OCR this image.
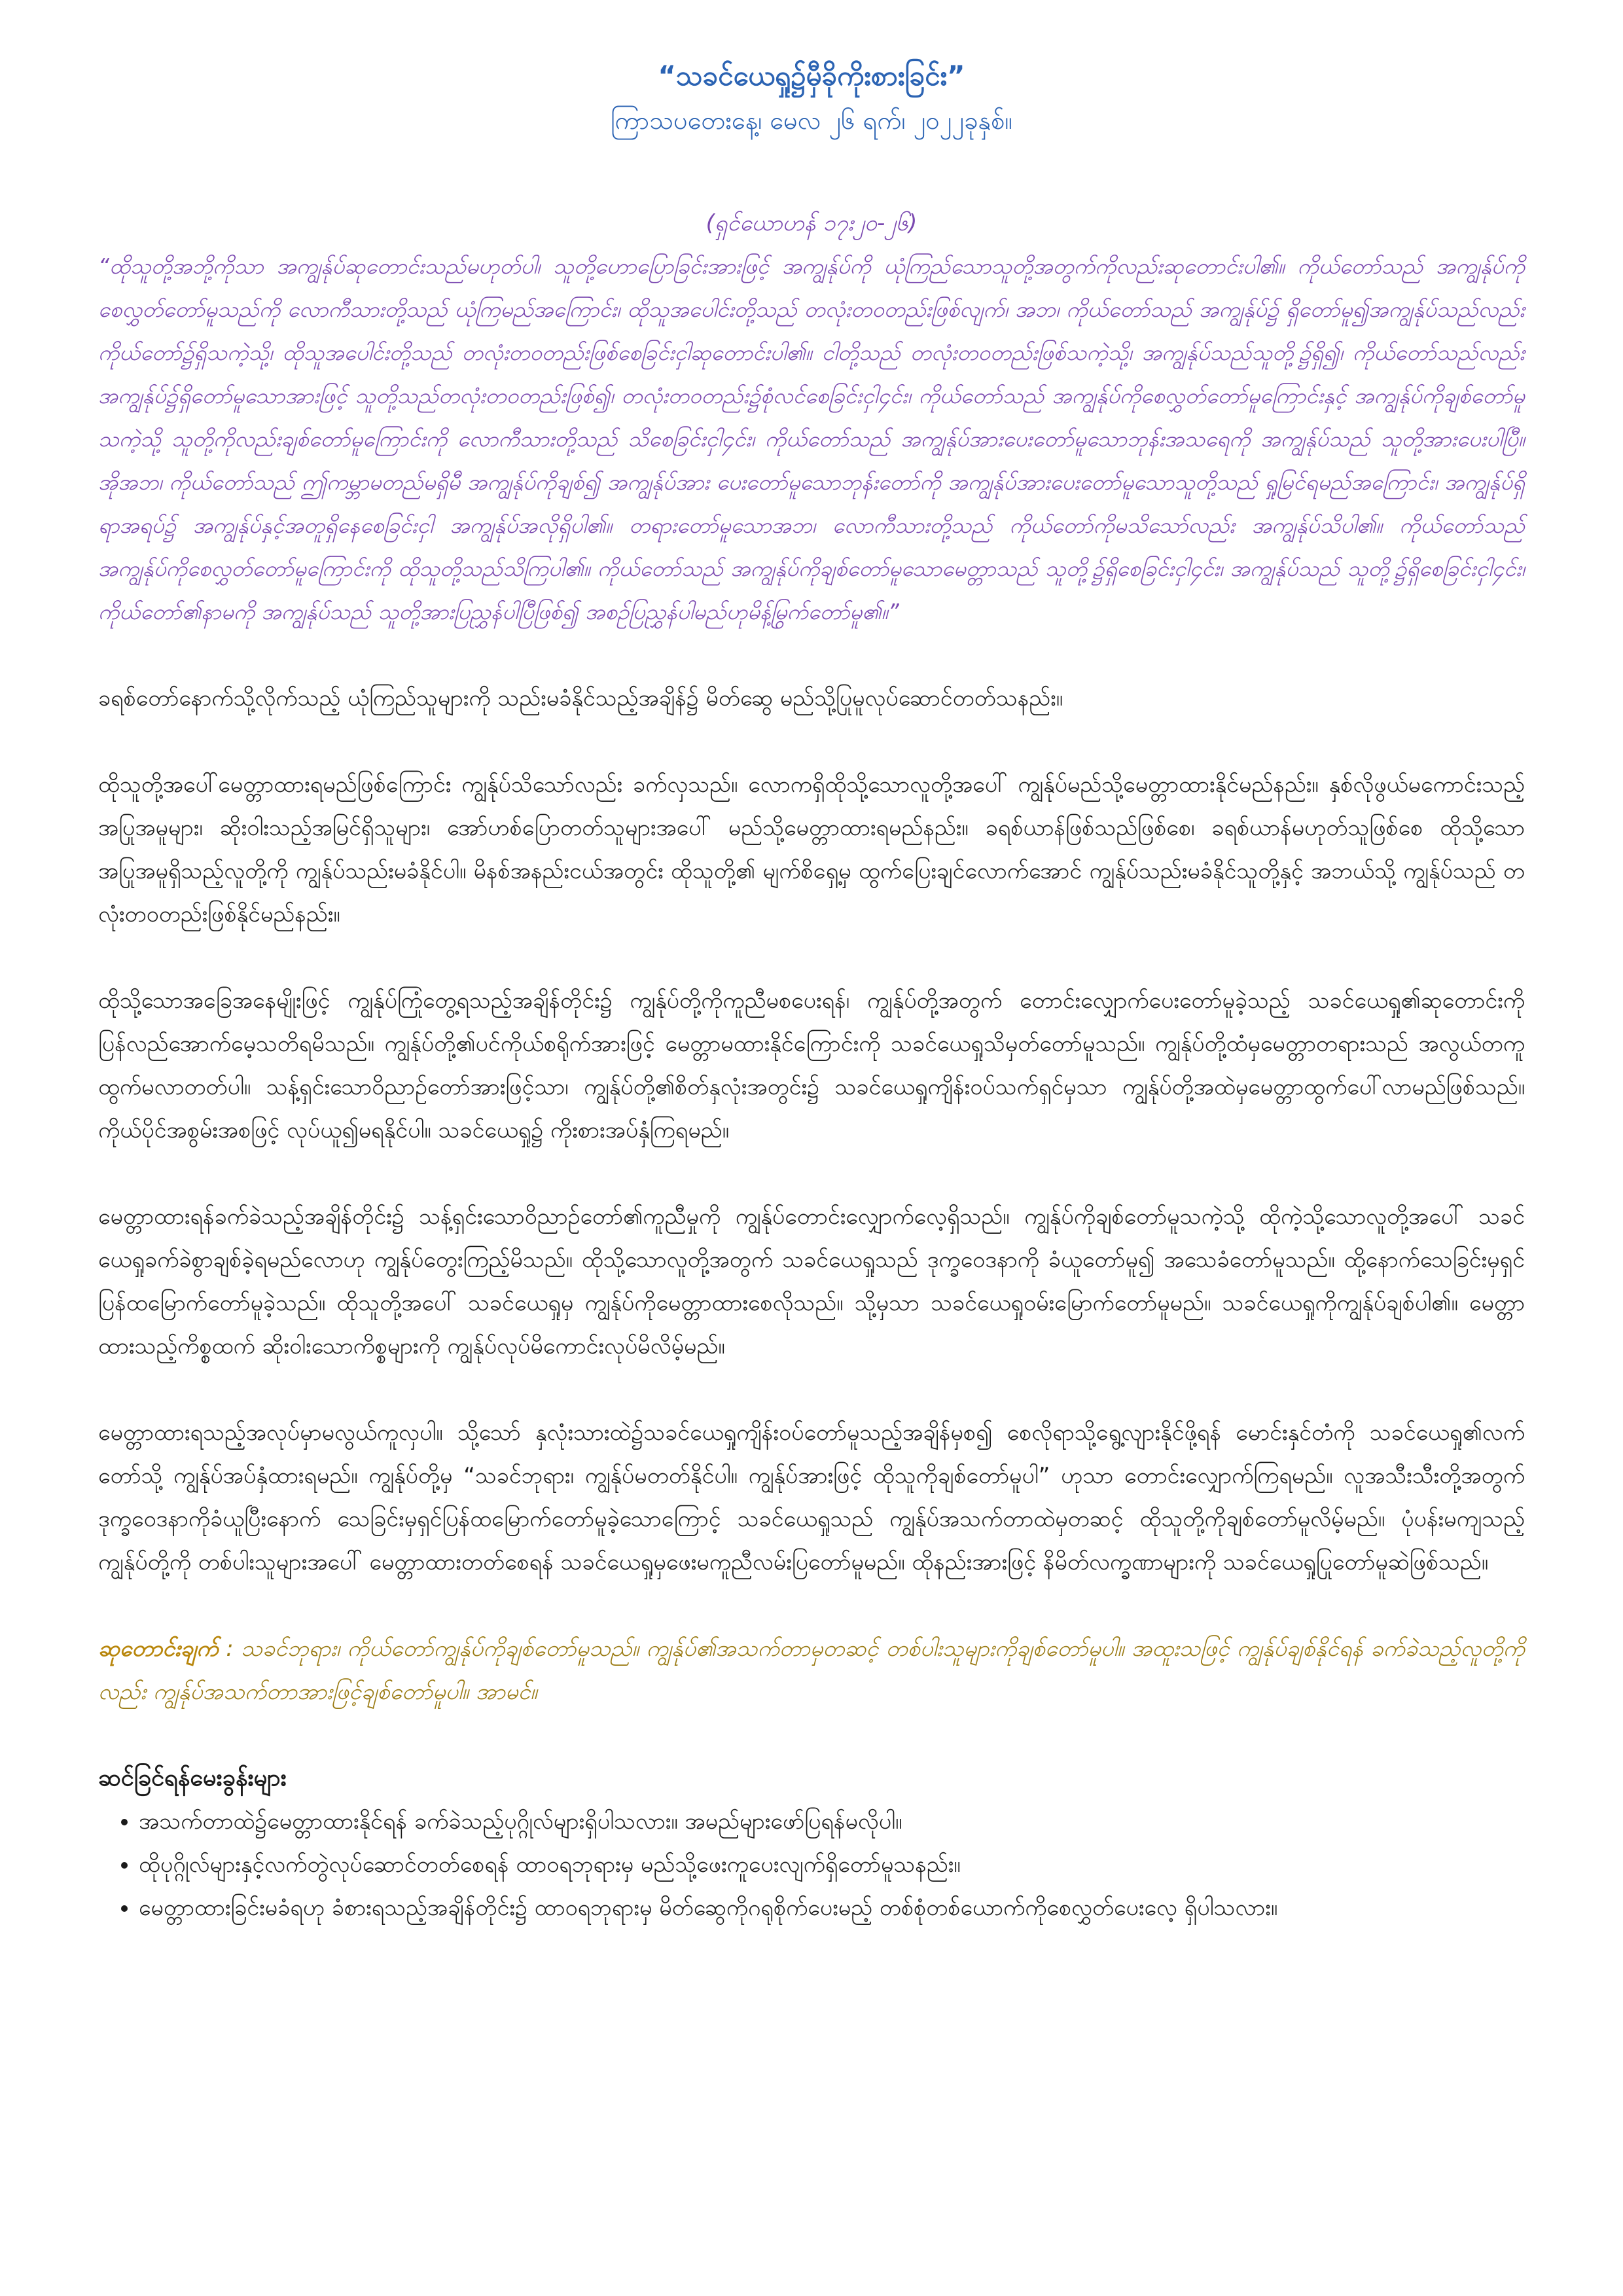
“သခင်ယေရှု၌မှီခိုကိုးစားခြင်း”

ကြာသပတေးနေ့၊ မေလ ၂၆ ရက်၊ ၂၀၂၂ခုနှစ်။

(ရှင်ယောဟန် ၁၇း၂၀-၂၆)

“ထိုသူတို့အဘို့ကိုသာ အကျွန်ုပ်ဆုတောင်းသည်မဟုတ်ပါ၊ သူတို့ဟောပြောခြင်းအားဖြင့် အကျွန်ုပ်ကို ယုံကြည်သောသူတို့အတွက်ကိုလည်းဆုတောင်းပါ၏။ ကိုယ်တော်သည် အကျွန်ုပ်ကိုစေလွှတ်တော်မူသည်ကို လောကီသားတို့သည် ယုံကြမည်အကြောင်း၊ ထိုသူအပေါင်းတို့သည် တလုံးတဝတည်းဖြစ်လျက်၊ အဘ၊ ကိုယ်တော်သည် အကျွန်ုပ်၌ ရှိတော်မူ၍အကျွန်ုပ်သည်လည်း ကိုယ်တော်၌ရှိသကဲ့သို့၊ ထိုသူအပေါင်းတို့သည် တလုံးတဝတည်းဖြစ်စေခြင်းငှါဆုတောင်းပါ၏။ ငါတို့သည် တလုံးတဝတည်းဖြစ်သကဲ့သို့၊ အကျွန်ုပ်သည်သူတို့၌ရှိ၍၊ ကိုယ်တော်သည်လည်း အကျွန်ုပ်၌ရှိတော်မူသောအားဖြင့် သူတို့သည်တလုံးတဝတည်းဖြစ်၍၊ တလုံးတဝတည်း၌စုံလင်စေခြင်းငှါ၄င်း၊ ကိုယ်တော်သည် အကျွန်ုပ်ကိုစေလွှတ်တော်မူကြောင်းနှင့် အကျွန်ုပ်ကိုချစ်တော်မူသကဲ့သို့ သူတို့ကိုလည်းချစ်တော်မူကြောင်းကို လောကီသားတို့သည် သိစေခြင်းငှါ၄င်း၊ ကိုယ်တော်သည် အကျွန်ုပ်အားပေးတော်မူသောဘုန်းအသရေကို အကျွန်ုပ်သည် သူတို့အားပေးပါပြီ။ အိုအဘ၊ ကိုယ်တော်သည် ဤကမ္ဘာမတည်မရှိမီ အကျွန်ုပ်ကိုချစ်၍ အကျွန်ုပ်အား ပေးတော်မူသောဘုန်းတော်ကို အကျွန်ုပ်အားပေးတော်မူသောသူတို့သည် ရှုမြင်ရမည်အကြောင်း၊ အကျွန်ုပ်ရှိရာအရပ်၌ အကျွန်ုပ်နှင့်အတူရှိနေစေခြင်းငှါ အကျွန်ုပ်အလိုရှိပါ၏။ တရားတော်မူသောအဘ၊ လောကီသားတို့သည် ကိုယ်တော်ကိုမသိသော်လည်း အကျွန်ုပ်သိပါ၏။ ကိုယ်တော်သည် အကျွန်ုပ်ကိုစေလွှတ်တော်မူကြောင်းကို ထိုသူတို့သည်သိကြပါ၏။ ကိုယ်တော်သည် အကျွန်ုပ်ကိုချစ်တော်မူသောမေတ္တာသည် သူတို့၌ရှိစေခြင်းငှါ၄င်း၊ အကျွန်ုပ်သည် သူတို့၌ရှိစေခြင်းငှါ၄င်း၊ ကိုယ်တော်၏နာမကို အကျွန်ုပ်သည် သူတို့အားပြညွှန်ပါပြီဖြစ်၍ အစဉ်ပြညွှန်ပါမည်ဟုမိန့်မြွက်တော်မူ၏။”

ခရစ်တော်နောက်သို့လိုက်သည့် ယုံကြည်သူများကို သည်းမခံနိုင်သည့်အချိန်၌ မိတ်ဆွေ မည်သို့ပြုမူလုပ်ဆောင်တတ်သနည်း။

ထိုသူတို့အပေါ်မေတ္တာထားရမည်ဖြစ်ကြောင်း ကျွန်ုပ်သိသော်လည်း ခက်လှသည်။ လောကရှိထိုသို့သောလူတို့အပေါ် ကျွန်ုပ်မည်သို့မေတ္တာထားနိုင်မည်နည်း။ နှစ်လိုဖွယ်မကောင်းသည့်အပြုအမူများ၊ ဆိုးဝါးသည့်အမြင်ရှိသူများ၊ အော်ဟစ်ပြောတတ်သူများအပေါ် မည်သို့မေတ္တာထားရမည်နည်း။ ခရစ်ယာန်ဖြစ်သည်ဖြစ်စေ၊ ခရစ်ယာန်မဟုတ်သူဖြစ်စေ ထိုသို့သောအပြုအမူရှိသည့်လူတို့ကို ကျွန်ုပ်သည်းမခံနိုင်ပါ။ မိနစ်အနည်းငယ်အတွင်း ထိုသူတို့၏ မျက်စိရှေ့မှ ထွက်ပြေးချင်လောက်အောင် ကျွန်ုပ်သည်းမခံနိုင်သူတို့နှင့် အဘယ်သို့ ကျွန်ုပ်သည် တလုံးတဝတည်းဖြစ်နိုင်မည်နည်း။

ထိုသို့သောအခြေအနေမျိုးဖြင့် ကျွန်ုပ်ကြုံတွေ့ရသည့်အချိန်တိုင်း၌ ကျွန်ုပ်တို့ကိုကူညီမစပေးရန်၊ ကျွန်ုပ်တို့အတွက် တောင်းလျှောက်ပေးတော်မူခဲ့သည့် သခင်ယေရှု၏ဆုတောင်းကို ပြန်လည်အောက်မေ့သတိရမိသည်။ ကျွန်ုပ်တို့၏ပင်ကိုယ်စရိုက်အားဖြင့် မေတ္တာမထားနိုင်ကြောင်းကို သခင်ယေရှုသိမှတ်တော်မူသည်။ ကျွန်ုပ်တို့ထံမှမေတ္တာတရားသည် အလွယ်တကူထွက်မလာတတ်ပါ။ သန့်ရှင်းသောဝိညာဉ်တော်အားဖြင့်သာ၊ ကျွန်ုပ်တို့၏စိတ်နှလုံးအတွင်း၌ သခင်ယေရှုကျိန်းဝပ်သက်ရှင်မှသာ ကျွန်ုပ်တို့အထဲမှမေတ္တာထွက်ပေါ်လာမည်ဖြစ်သည်။ ကိုယ်ပိုင်အစွမ်းအစဖြင့် လုပ်ယူ၍မရနိုင်ပါ။ သခင်ယေရှု၌ ကိုးစားအပ်နှံကြရမည်။

မေတ္တာထားရန်ခက်ခဲသည့်အချိန်တိုင်း၌ သန့်ရှင်းသောဝိညာဉ်တော်၏ကူညီမှုကို ကျွန်ုပ်တောင်းလျှောက်လေ့ရှိသည်။ ကျွန်ုပ်ကိုချစ်တော်မူသကဲ့သို့ ထိုကဲ့သို့သောလူတို့အပေါ် သခင်ယေရှုခက်ခဲစွာချစ်ခဲ့ရမည်လောဟု ကျွန်ုပ်တွေးကြည့်မိသည်။ ထိုသို့သောလူတို့အတွက် သခင်ယေရှုသည် ဒုက္ခဝေဒနာကို ခံယူတော်မူ၍ အသေခံတော်မူသည်။ ထို့နောက်သေခြင်းမှရှင်ပြန်ထမြောက်တော်မူခဲ့သည်။ ထိုသူတို့အပေါ် သခင်ယေရှုမှ ကျွန်ုပ်ကိုမေတ္တာထားစေလိုသည်။ သို့မှသာ သခင်ယေရှုဝမ်းမြောက်တော်မူမည်။ သခင်ယေရှုကိုကျွန်ုပ်ချစ်ပါ၏။ မေတ္တာထားသည့်ကိစ္စထက် ဆိုးဝါးသောကိစ္စများကို ကျွန်ုပ်လုပ်မိကောင်းလုပ်မိလိမ့်မည်။

မေတ္တာထားရသည့်အလုပ်မှာမလွယ်ကူလှပါ။ သို့သော် နှလုံးသားထဲ၌သခင်ယေရှုကျိန်းဝပ်တော်မူသည့်အချိန်မှစ၍ စေလိုရာသို့ရွေ့လျားနိုင်ဖို့ရန် မောင်းနှင်တံကို သခင်ယေရှု၏လက်တော်သို့ ကျွန်ုပ်အပ်နှံထားရမည်။ ကျွန်ုပ်တို့မှ “သခင်ဘုရား၊ ကျွန်ုပ်မတတ်နိုင်ပါ။ ကျွန်ုပ်အားဖြင့် ထိုသူကိုချစ်တော်မူပါ” ဟုသာ တောင်းလျှောက်ကြရမည်။ လူအသီးသီးတို့အတွက် ဒုက္ခဝေဒနာကိုခံယူပြီးနောက် သေခြင်းမှရှင်ပြန်ထမြောက်တော်မူခဲ့သောကြောင့် သခင်ယေရှုသည် ကျွန်ုပ်အသက်တာထဲမှတဆင့် ထိုသူတို့ကိုချစ်တော်မူလိမ့်မည်။ ပုံပန်းမကျသည့် ကျွန်ုပ်တို့ကို တစ်ပါးသူများအပေါ် မေတ္တာထားတတ်စေရန် သခင်ယေရှုမှဖေးမကူညီလမ်းပြတော်မူမည်။ ထိုနည်းအားဖြင့် နိမိတ်လက္ခဏာများကို သခင်ယေရှုပြုတော်မူဆဲဖြစ်သည်။

ဆုတောင်းချက် : သခင်ဘုရား၊ ကိုယ်တော်ကျွန်ုပ်ကိုချစ်တော်မူသည်။ ကျွန်ုပ်၏အသက်တာမှတဆင့် တစ်ပါးသူများကိုချစ်တော်မူပါ။ အထူးသဖြင့် ကျွန်ုပ်ချစ်နိုင်ရန် ခက်ခဲသည့်လူတို့ကိုလည်း ကျွန်ုပ်အသက်တာအားဖြင့်ချစ်တော်မူပါ။ အာမင်။

ဆင်ခြင်ရန်မေးခွန်းများ
• အသက်တာထဲ၌မေတ္တာထားနိုင်ရန် ခက်ခဲသည့်ပုဂ္ဂိုလ်များရှိပါသလား။ အမည်များဖော်ပြရန်မလိုပါ။
• ထိုပုဂ္ဂိုလ်များနှင့်လက်တွဲလုပ်ဆောင်တတ်စေရန် ထာဝရဘုရားမှ မည်သို့ဖေးကူပေးလျက်ရှိတော်မူသနည်း။
• မေတ္တာထားခြင်းမခံရဟု ခံစားရသည့်အချိန်တိုင်း၌ ထာဝရဘုရားမှ မိတ်ဆွေကိုဂရုစိုက်ပေးမည့် တစ်စုံတစ်ယောက်ကိုစေလွှတ်ပေးလေ့ ရှိပါသလား။
